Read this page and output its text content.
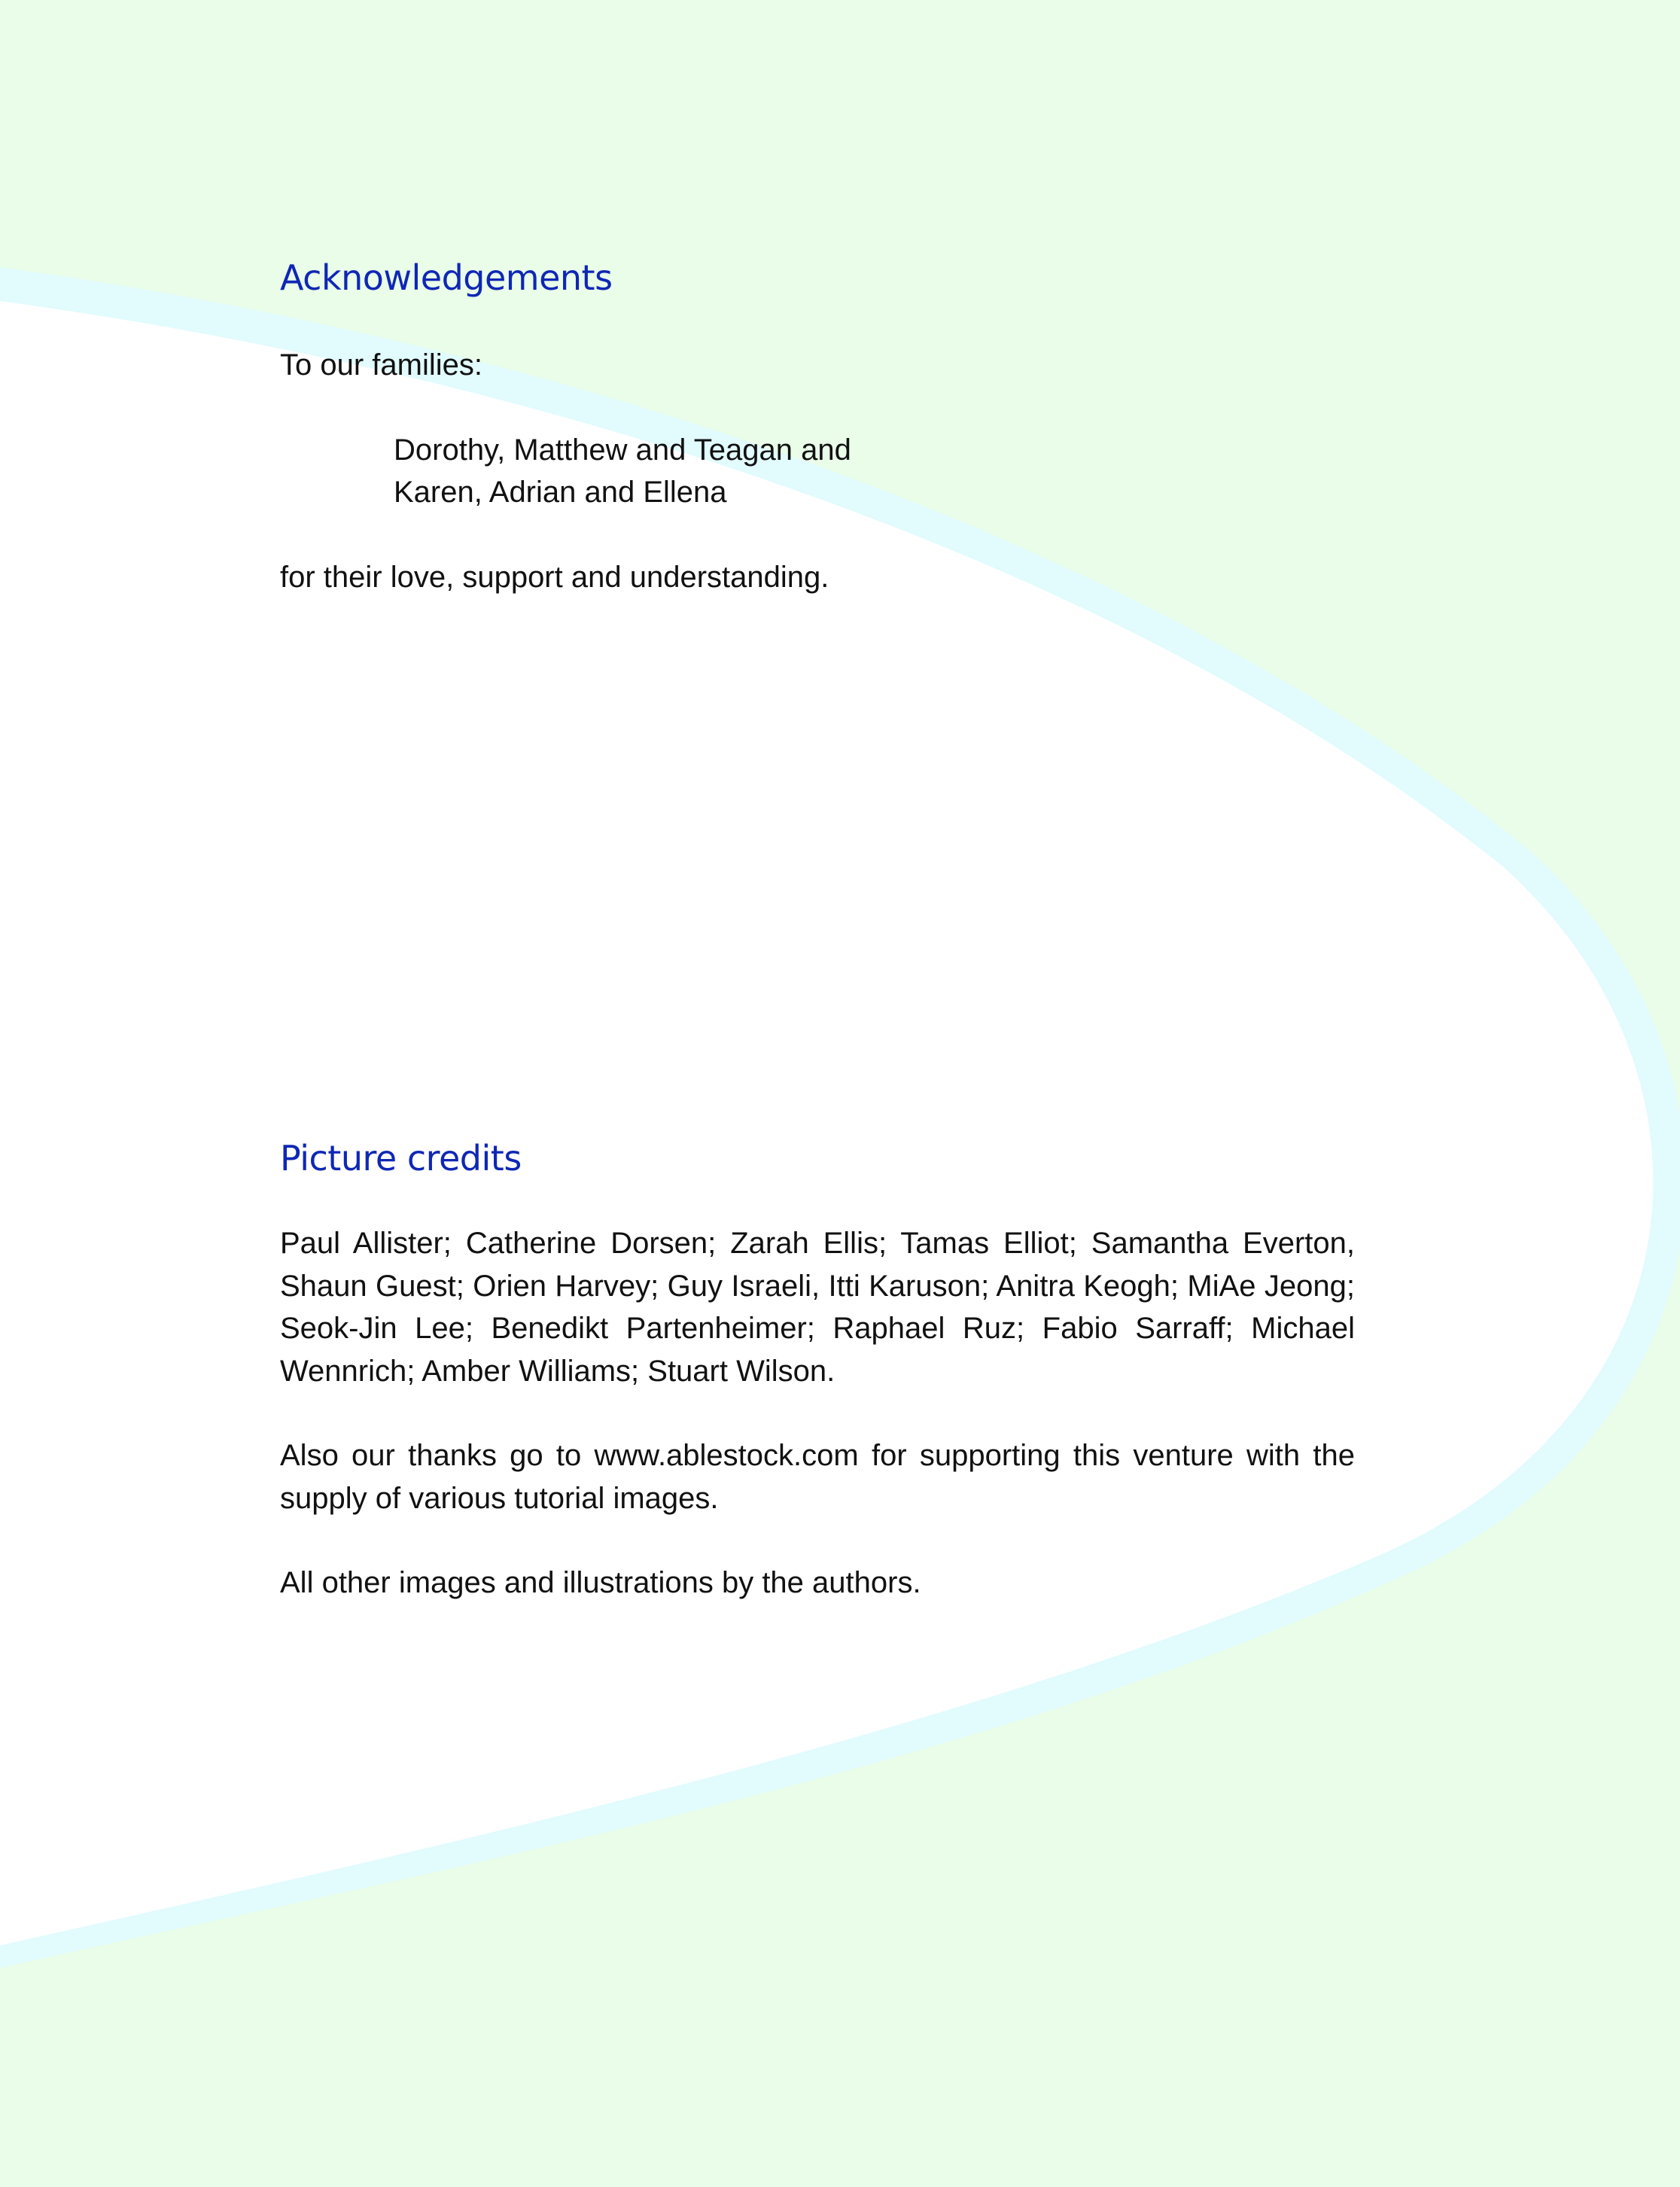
Acknowledgements
To our families:
Dorothy, Matthew and Teagan and
Karen, Adrian and Ellena
for their love, support and understanding.
Picture credits
Paul Allister; Catherine Dorsen; Zarah Ellis; Tamas Elliot; Samantha Everton, Shaun Guest; Orien Harvey; Guy Israeli, Itti Karuson; Anitra Keogh; MiAe Jeong; Seok-Jin Lee; Benedikt Partenheimer; Raphael Ruz; Fabio Sarraff; Michael Wennrich; Amber Williams; Stuart Wilson.
Also our thanks go to www.ablestock.com for supporting this venture with the supply of various tutorial images.
All other images and illustrations by the authors.
